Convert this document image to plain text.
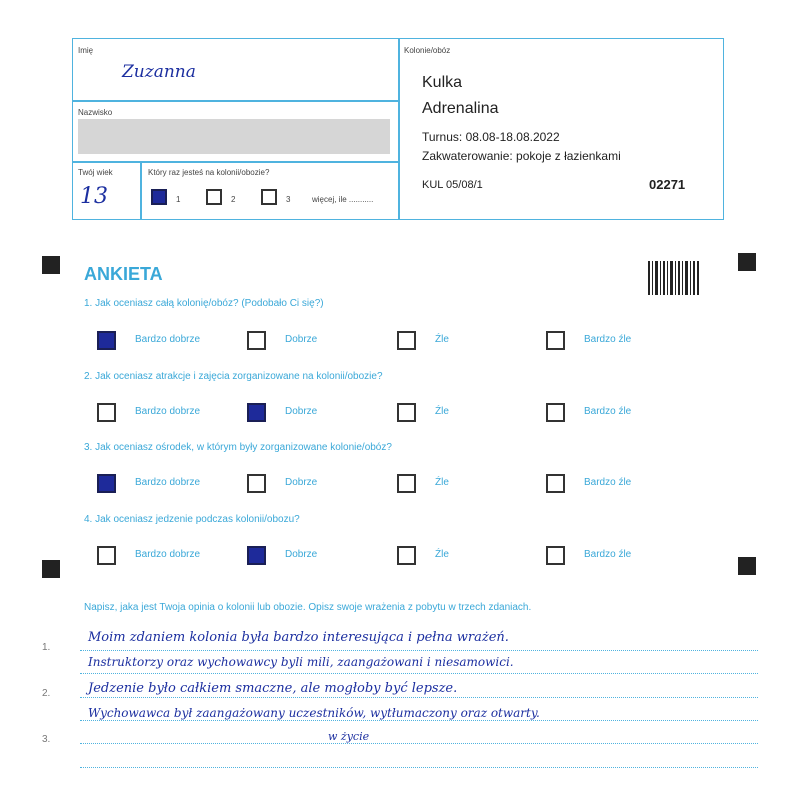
Imię
Zuzanna
Nazwisko
Twój wiek
13
Który raz jesteś na kolonii/obozie?
1	2	3	więcej, ile ...........
Kolonie/obóz
Kulka
Adrenalina
Turnus: 08.08-18.08.2022
Zakwaterowanie: pokoje z łazienkami
KUL 05/08/1	02271
ANKIETA
1. Jak oceniasz całą kolonię/obóz? (Podobało Ci się?)
2. Jak oceniasz atrakcje i zajęcia zorganizowane na kolonii/obozie?
3. Jak oceniasz ośrodek, w którym były zorganizowane kolonie/obóz?
4. Jak oceniasz jedzenie podczas kolonii/obozu?
Bardzo dobrze	Dobrze	Źle	Bardzo źle
Bardzo dobrze	Dobrze	Źle	Bardzo źle
Bardzo dobrze	Dobrze	Źle	Bardzo źle
Bardzo dobrze	Dobrze	Źle	Bardzo źle
Napisz, jaka jest Twoja opinia o kolonii lub obozie. Opisz swoje wrażenia z pobytu w trzech zdaniach.
1.
2.
3.
Moim zdaniem kolonia była bardzo interesująca i pełna wrażeń.
Instruktorzy oraz wychowawcy byli mili, zaangażowani i niesamowici.
Jedzenie było całkiem smaczne, ale mogłoby być lepsze.
Wychowawca był zaangażowany uczestników, wytłumaczony oraz otwarty.
w życie
